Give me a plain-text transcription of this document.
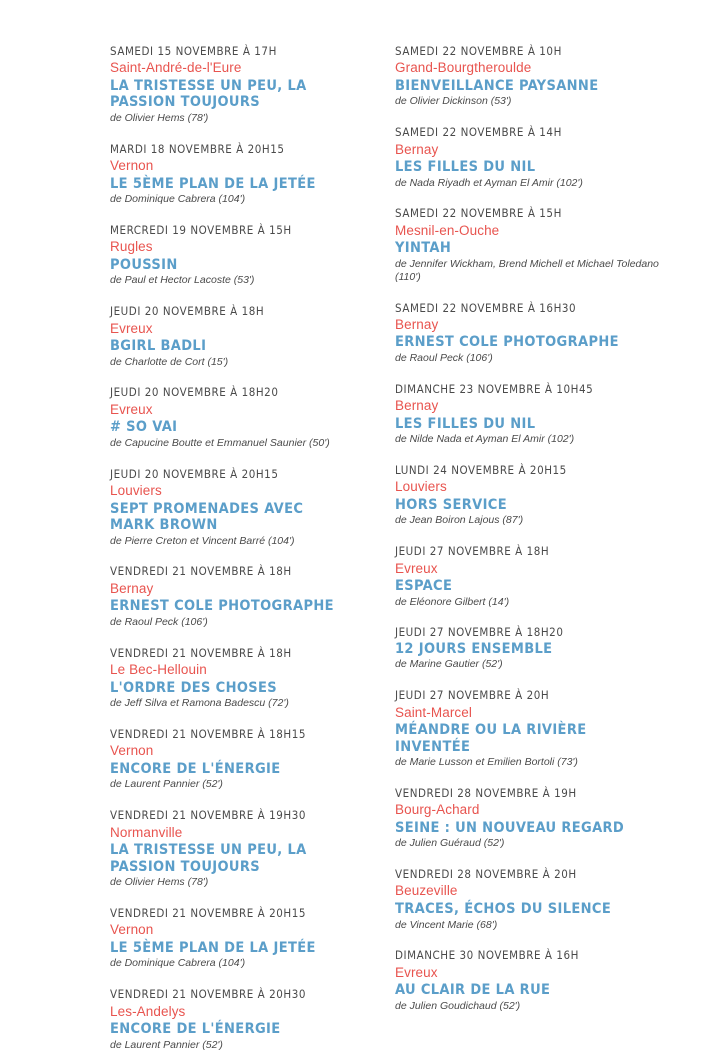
SAMEDI 15 NOVEMBRE À 17H
Saint-André-de-l'Eure
LA TRISTESSE UN PEU, LA PASSION TOUJOURS
de Olivier Hems (78')
MARDI 18 NOVEMBRE À 20H15
Vernon
LE 5ÈME PLAN DE LA JETÉE
de Dominique Cabrera (104')
MERCREDI 19 NOVEMBRE À 15H
Rugles
POUSSIN
de Paul et Hector Lacoste (53')
JEUDI 20 NOVEMBRE À 18H
Evreux
BGIRL BADLI
de Charlotte de Cort (15')
JEUDI 20 NOVEMBRE À 18H20
Evreux
# SO VAI
de Capucine Boutte et Emmanuel Saunier (50')
JEUDI 20 NOVEMBRE À 20H15
Louviers
SEPT PROMENADES AVEC MARK BROWN
de Pierre Creton et Vincent Barré (104')
VENDREDI 21 NOVEMBRE À 18H
Bernay
ERNEST COLE PHOTOGRAPHE
de Raoul Peck (106')
VENDREDI 21 NOVEMBRE À 18H
Le Bec-Hellouin
L'ORDRE DES CHOSES
de Jeff Silva et Ramona Badescu (72')
VENDREDI 21 NOVEMBRE À 18H15
Vernon
ENCORE DE L'ÉNERGIE
de Laurent Pannier (52')
VENDREDI 21 NOVEMBRE À 19H30
Normanville
LA TRISTESSE UN PEU, LA PASSION TOUJOURS
de Olivier Hems (78')
VENDREDI 21 NOVEMBRE À 20H15
Vernon
LE 5ÈME PLAN DE LA JETÉE
de Dominique Cabrera (104')
VENDREDI 21 NOVEMBRE À 20H30
Les-Andelys
ENCORE DE L'ÉNERGIE
de Laurent Pannier (52')
SAMEDI 22 NOVEMBRE À 10H
Grand-Bourgtheroulde
BIENVEILLANCE PAYSANNE
de Olivier Dickinson (53')
SAMEDI 22 NOVEMBRE À 14H
Bernay
LES FILLES DU NIL
de Nada Riyadh et Ayman El Amir (102')
SAMEDI 22 NOVEMBRE À 15H
Mesnil-en-Ouche
YINTAH
de Jennifer Wickham, Brend Michell et Michael Toledano (110')
SAMEDI 22 NOVEMBRE À 16H30
Bernay
ERNEST COLE PHOTOGRAPHE
de Raoul Peck (106')
DIMANCHE 23 NOVEMBRE À 10H45
Bernay
LES FILLES DU NIL
de Nilde Nada et Ayman El Amir (102')
LUNDI 24 NOVEMBRE À 20H15
Louviers
HORS SERVICE
de Jean Boiron Lajous (87')
JEUDI 27 NOVEMBRE À 18H
Evreux
ESPACE
de Eléonore Gilbert (14')
JEUDI 27 NOVEMBRE À 18H20
12 JOURS ENSEMBLE
de Marine Gautier (52')
JEUDI 27 NOVEMBRE À 20H
Saint-Marcel
MÉANDRE OU LA RIVIÈRE INVENTÉE
de Marie Lusson et Emilien Bortoli (73')
VENDREDI 28 NOVEMBRE À 19H
Bourg-Achard
SEINE : UN NOUVEAU REGARD
de Julien Guéraud (52')
VENDREDI 28 NOVEMBRE À 20H
Beuzeville
TRACES, ÉCHOS DU SILENCE
de Vincent Marie (68')
DIMANCHE 30 NOVEMBRE À 16H
Evreux
AU CLAIR DE LA RUE
de Julien Goudichaud (52')
